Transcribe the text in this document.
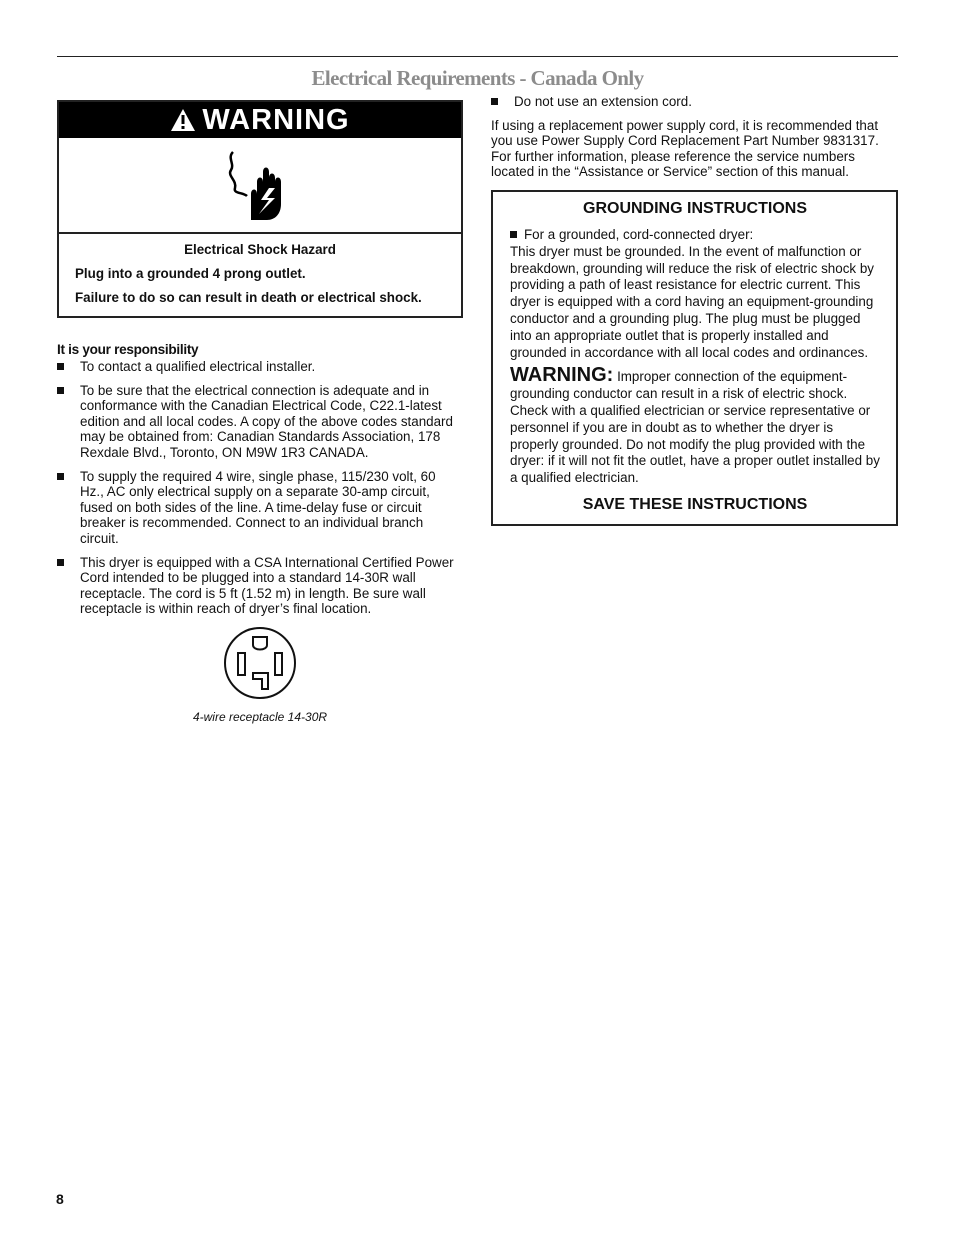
Electrical Requirements - Canada Only
WARNING

Electrical Shock Hazard

Plug into a grounded 4 prong outlet.

Failure to do so can result in death or electrical shock.

It is your responsibility
To contact a qualified electrical installer.
To be sure that the electrical connection is adequate and in conformance with the Canadian Electrical Code, C22.1-latest edition and all local codes. A copy of the above codes standard may be obtained from: Canadian Standards Association, 178 Rexdale Blvd., Toronto, ON M9W 1R3 CANADA.
To supply the required 4 wire, single phase, 115/230 volt, 60 Hz., AC only electrical supply on a separate 30-amp circuit, fused on both sides of the line. A time-delay fuse or circuit breaker is recommended. Connect to an individual branch circuit.
This dryer is equipped with a CSA International Certified Power Cord intended to be plugged into a standard 14-30R wall receptacle. The cord is 5 ft (1.52 m) in length. Be sure wall receptacle is within reach of dryer’s final location.
4-wire receptacle 14-30R
Do not use an extension cord.

If using a replacement power supply cord, it is recommended that you use Power Supply Cord Replacement Part Number 9831317. For further information, please reference the service numbers located in the “Assistance or Service” section of this manual.

GROUNDING INSTRUCTIONS
For a grounded, cord-connected dryer:
This dryer must be grounded. In the event of malfunction or breakdown, grounding will reduce the risk of electric shock by providing a path of least resistance for electric current. This dryer is equipped with a cord having an equipment-grounding conductor and a grounding plug. The plug must be plugged into an appropriate outlet that is properly installed and grounded in accordance with all local codes and ordinances.
WARNING: Improper connection of the equipment-grounding conductor can result in a risk of electric shock. Check with a qualified electrician or service representative or personnel if you are in doubt as to whether the dryer is properly grounded. Do not modify the plug provided with the dryer: if it will not fit the outlet, have a proper outlet installed by a qualified electrician.
SAVE THESE INSTRUCTIONS
8
